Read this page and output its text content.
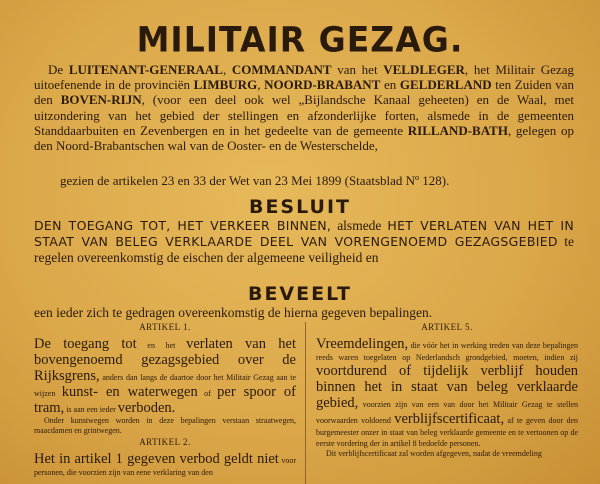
MILITAIR GEZAG.
De LUITENANT-GENERAAL, COMMANDANT van het VELDLEGER, het Militair Gezag uitoefenende in de provinciën LIMBURG, NOORD-BRABANT en GELDERLAND ten Zuiden van den BOVEN-RIJN, (voor een deel ook wel „Bijlandsche Kanaal geheeten) en de Waal, met uitzondering van het gebied der stellingen en afzonderlijke forten, alsmede in de gemeenten Standdaarbuiten en Zevenbergen en in het gedeelte van de gemeente RILLAND-BATH, gelegen op den Noord-Brabantschen wal van de Ooster- en de Westerschelde,
gezien de artikelen 23 en 33 der Wet van 23 Mei 1899 (Staatsblad Nº 128).
BESLUIT
DEN TOEGANG TOT, HET VERKEER BINNEN, alsmede HET VERLATEN VAN HET IN STAAT VAN BELEG VERKLAARDE DEEL VAN VORENGENOEMD GEZAGSGEBIED te regelen overeenkomstig de eischen der algemeene veiligheid en
BEVEELT
een ieder zich te gedragen overeenkomstig de hierna gegeven bepalingen.
ARTIKEL 1.

De toegang tot en het verlaten van het bovengenoemd gezagsgebied over de Rijksgrens, anders dan langs de daartoe door het Militair Gezag aan te wijzen kunst- en waterwegen of per spoor of tram, is aan een ieder verboden.

Onder kunstwegen worden in deze bepalingen verstaan straatwegen, maacdamen en grintwegen.

ARTIKEL 2.

Het in artikel 1 gegeven verbod geldt niet voor personen, die voorzien zijn van eene verklaring van den

ARTIKEL 5.

Vreemdelingen, die vóór het in werking treden van deze bepalingen reeds waren toegelaten op Nederlandsch grondgebied, moeten, indien zij voortdurend of tijdelijk verblijf houden binnen het in staat van beleg verklaarde gebied, voorzien zijn van een van door het Militair Gezag te stellen voorwaarden voldoend verblijfscertificaat, af te geven door den burgemeester onzer in staat van beleg verklaarde gemeente en te vertoonen op de eerste vordering der in artikel 8 bedoelde personen.

Dit verblijfscertificaat zal worden afgegeven, nadat de vreemdeling
